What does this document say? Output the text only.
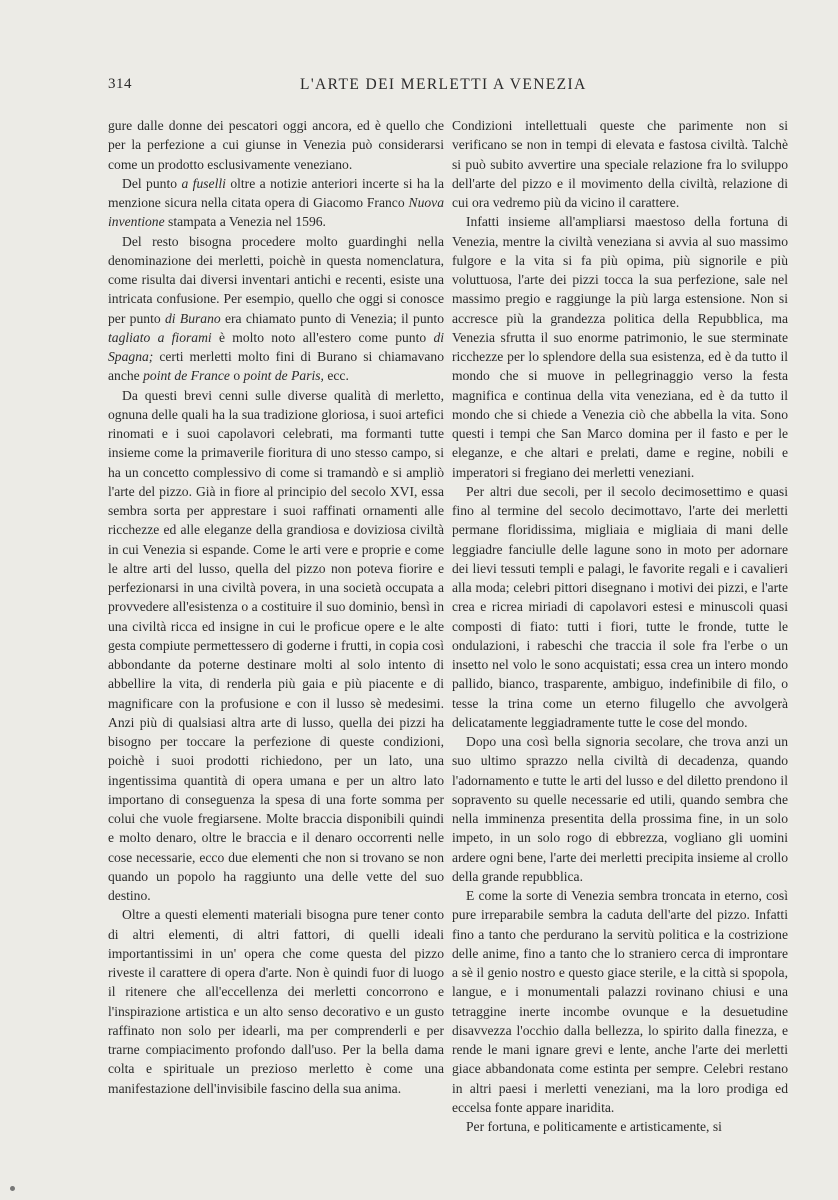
314	L'ARTE DEI MERLETTI A VENEZIA

gure dalle donne dei pescatori oggi ancora, ed è quello che per la perfezione a cui giunse in Venezia può considerarsi come un prodotto esclusivamente veneziano.

Del punto a fuselli oltre a notizie anteriori incerte si ha la menzione sicura nella citata opera di Giacomo Franco Nuova inventione stampata a Venezia nel 1596.

Del resto bisogna procedere molto guardinghi nella denominazione dei merletti, poichè in questa nomenclatura, come risulta dai diversi inventari antichi e recenti, esiste una intricata confusione. Per esempio, quello che oggi si conosce per punto di Burano era chiamato punto di Venezia; il punto tagliato a fiorami è molto noto all'estero come punto di Spagna; certi merletti molto fini di Burano si chiamavano anche point de France o point de Paris, ecc.

Da questi brevi cenni sulle diverse qualità di merletto, ognuna delle quali ha la sua tradizione gloriosa, i suoi artefici rinomati e i suoi capolavori celebrati, ma formanti tutte insieme come la primaverile fioritura di uno stesso campo, si ha un concetto complessivo di come si tramandò e si ampliò l'arte del pizzo. Già in fiore al principio del secolo XVI, essa sembra sorta per apprestare i suoi raffinati ornamenti alle ricchezze ed alle eleganze della grandiosa e doviziosa civiltà in cui Venezia si espande. Come le arti vere e proprie e come le altre arti del lusso, quella del pizzo non poteva fiorire e perfezionarsi in una civiltà povera, in una società occupata a provvedere all'esistenza o a costituire il suo dominio, bensì in una civiltà ricca ed insigne in cui le proficue opere e le alte gesta compiute permettessero di goderne i frutti, in copia così abbondante da poterne destinare molti al solo intento di abbellire la vita, di renderla più gaia e più piacente e di magnificare con la profusione e con il lusso sè medesimi. Anzi più di qualsiasi altra arte di lusso, quella dei pizzi ha bisogno per toccare la perfezione di queste condizioni, poichè i suoi prodotti richiedono, per un lato, una ingentissima quantità di opera umana e per un altro lato importano di conseguenza la spesa di una forte somma per colui che vuole fregiarsene. Molte braccia disponibili quindi e molto denaro, oltre le braccia e il denaro occorrenti nelle cose necessarie, ecco due elementi che non si trovano se non quando un popolo ha raggiunto una delle vette del suo destino.

Oltre a questi elementi materiali bisogna pure tener conto di altri elementi, di altri fattori, di quelli ideali importantissimi in un' opera che come questa del pizzo riveste il carattere di opera d'arte. Non è quindi fuor di luogo il ritenere che all'eccellenza dei merletti concorrono e l'inspirazione artistica e un alto senso decorativo e un gusto raffinato non solo per idearli, ma per comprenderli e per trarne compiacimento profondo dall'uso. Per la bella dama colta e spirituale un prezioso merletto è come una manifestazione dell'invisibile fascino della sua anima.

Condizioni intellettuali queste che parimente non si verificano se non in tempi di elevata e fastosa civiltà. Talchè si può subito avvertire una speciale relazione fra lo sviluppo dell'arte del pizzo e il movimento della civiltà, relazione di cui ora vedremo più da vicino il carattere.

Infatti insieme all'ampliarsi maestoso della fortuna di Venezia, mentre la civiltà veneziana si avvia al suo massimo fulgore e la vita si fa più opima, più signorile e più voluttuosa, l'arte dei pizzi tocca la sua perfezione, sale nel massimo pregio e raggiunge la più larga estensione. Non si accresce più la grandezza politica della Repubblica, ma Venezia sfrutta il suo enorme patrimonio, le sue sterminate ricchezze per lo splendore della sua esistenza, ed è da tutto il mondo che si muove in pellegrinaggio verso la festa magnifica e continua della vita veneziana, ed è da tutto il mondo che si chiede a Venezia ciò che abbella la vita. Sono questi i tempi che San Marco domina per il fasto e per le eleganze, e che altari e prelati, dame e regine, nobili e imperatori si fregiano dei merletti veneziani.

Per altri due secoli, per il secolo decimosettimo e quasi fino al termine del secolo decimottavo, l'arte dei merletti permane floridissima, migliaia e migliaia di mani delle leggiadre fanciulle delle lagune sono in moto per adornare dei lievi tessuti templi e palagi, le favorite regali e i cavalieri alla moda; celebri pittori disegnano i motivi dei pizzi, e l'arte crea e ricrea miriadi di capolavori estesi e minuscoli quasi composti di fiato: tutti i fiori, tutte le fronde, tutte le ondulazioni, i rabeschi che traccia il sole fra l'erbe o un insetto nel volo le sono acquistati; essa crea un intero mondo pallido, bianco, trasparente, ambiguo, indefinibile di filo, o tesse la trina come un eterno filugello che avvolgerà delicatamente leggiadramente tutte le cose del mondo.

Dopo una così bella signoria secolare, che trova anzi un suo ultimo sprazzo nella civiltà di decadenza, quando l'adornamento e tutte le arti del lusso e del diletto prendono il sopravento su quelle necessarie ed utili, quando sembra che nella imminenza presentita della prossima fine, in un solo impeto, in un solo rogo di ebbrezza, vogliano gli uomini ardere ogni bene, l'arte dei merletti precipita insieme al crollo della grande repubblica.

E come la sorte di Venezia sembra troncata in eterno, così pure irreparabile sembra la caduta dell'arte del pizzo. Infatti fino a tanto che perdurano la servitù politica e la costrizione delle anime, fino a tanto che lo straniero cerca di improntare a sè il genio nostro e questo giace sterile, e la città si spopola, langue, e i monumentali palazzi rovinano chiusi e una tetraggine inerte incombe ovunque e la desuetudine disavvezza l'occhio dalla bellezza, lo spirito dalla finezza, e rende le mani ignare grevi e lente, anche l'arte dei merletti giace abbandonata come estinta per sempre. Celebri restano in altri paesi i merletti veneziani, ma la loro prodiga ed eccelsa fonte appare inaridita.

Per fortuna, e politicamente e artisticamente, si
